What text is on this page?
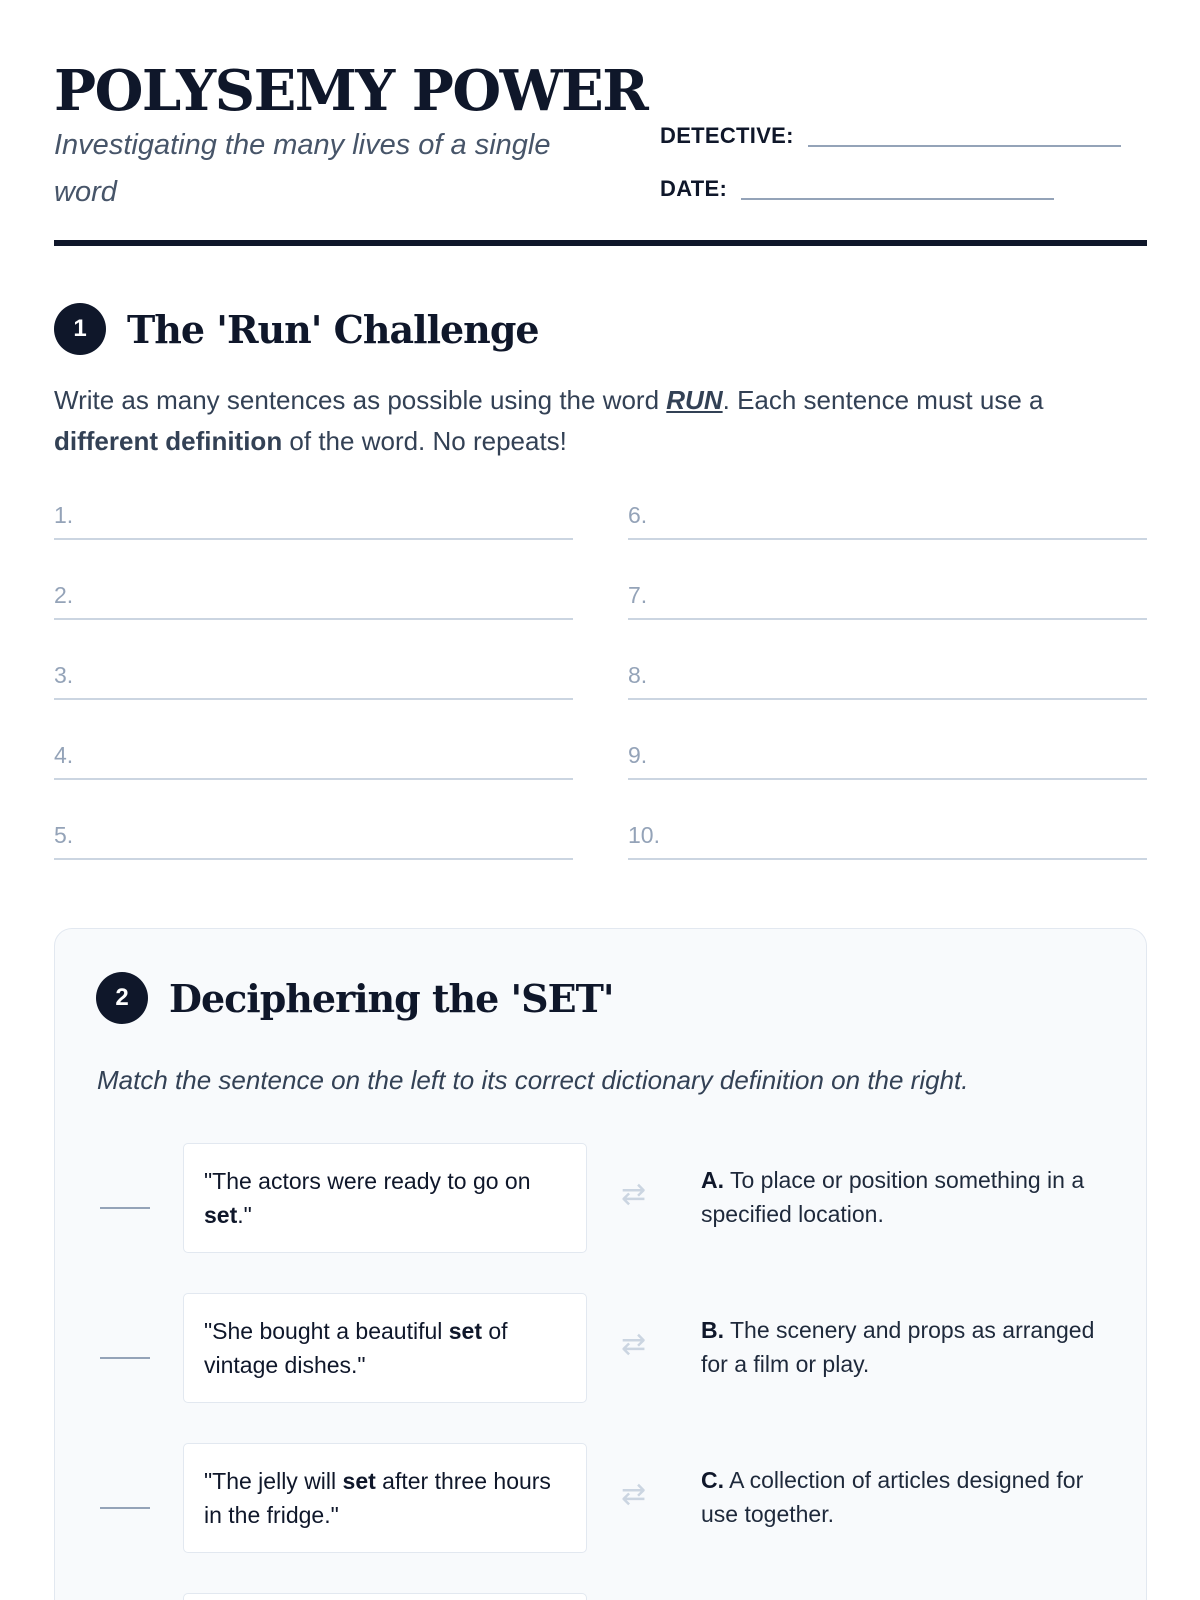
POLYSEMY POWER

Investigating the many lives of a single word

DETECTIVE:
DATE:
1	The 'Run' Challenge

Write as many sentences as possible using the word RUN. Each sentence must use a different definition of the word. No repeats!

1.
2.
3.
4.
5.
6.
7.
8.
9.
10.
2	Deciphering the 'SET'

Match the sentence on the left to its correct dictionary definition on the right.

"The actors were ready to go on set."
⇄ A. To place or position something in a specified location.
"She bought a beautiful set of vintage dishes."
⇄ B. The scenery and props as arranged for a film or play.
"The jelly will set after three hours in the fridge."
⇄ C. A collection of articles designed for use together.
